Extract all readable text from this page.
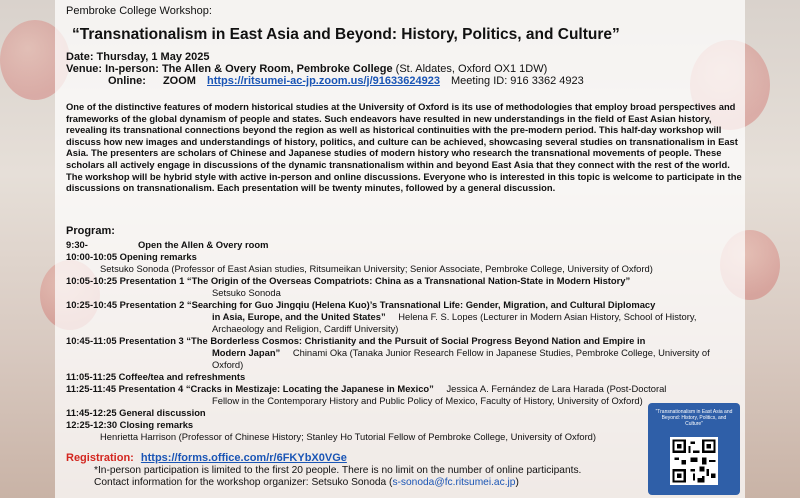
Pembroke College Workshop:
“Transnationalism in East Asia and Beyond: History, Politics, and Culture”
Date: Thursday, 1 May 2025
Venue: In-person: The Allen & Overy Room, Pembroke College (St. Aldates, Oxford OX1 1DW)
Online: ZOOM https://ritsumei-ac-jp.zoom.us/j/91633624923 Meeting ID: 916 3362 4923
One of the distinctive features of modern historical studies at the University of Oxford is its use of methodologies that employ broad perspectives and frameworks of the global dynamism of people and states. Such endeavors have resulted in new understandings in the field of East Asian history, revealing its transnational connections beyond the region as well as historical continuities with the pre-modern period. This half-day workshop will discuss how new images and understandings of history, politics, and culture can be achieved, showcasing several studies on transnationalism in East Asia. The presenters are scholars of Chinese and Japanese studies of modern history who research the transnational movements of people. These scholars all actively engage in discussions of the dynamic transnationalism within and beyond East Asia that they connect with the rest of the world. The workshop will be hybrid style with active in-person and online discussions. Everyone who is interested in this topic is welcome to participate in the discussions on transnationalism. Each presentation will be twenty minutes, followed by a general discussion.
Program:
9:30-	Open the Allen & Overy room
10:00-10:05 Opening remarks
Setsuko Sonoda (Professor of East Asian studies, Ritsumeikan University; Senior Associate, Pembroke College, University of Oxford)
10:05-10:25 Presentation 1 “The Origin of the Overseas Compatriots: China as a Transnational Nation-State in Modern History”
Setsuko Sonoda
10:25-10:45 Presentation 2 “Searching for Guo Jingqiu (Helena Kuo)’s Transnational Life: Gender, Migration, and Cultural Diplomacy
in Asia, Europe, and the United States” Helena F. S. Lopes (Lecturer in Modern Asian History, School of History,
Archaeology and Religion, Cardiff University)
10:45-11:05 Presentation 3 “The Borderless Cosmos: Christianity and the Pursuit of Social Progress Beyond Nation and Empire in
Modern Japan” Chinami Oka (Tanaka Junior Research Fellow in Japanese Studies, Pembroke College, University of
Oxford)
11:05-11:25 Coffee/tea and refreshments
11:25-11:45 Presentation 4 “Cracks in Mestizaje: Locating the Japanese in Mexico” Jessica A. Fernández de Lara Harada (Post-Doctoral
Fellow in the Contemporary History and Public Policy of Mexico, Faculty of History, University of Oxford)
11:45-12:25 General discussion
12:25-12:30 Closing remarks
Henrietta Harrison (Professor of Chinese History; Stanley Ho Tutorial Fellow of Pembroke College, University of Oxford)
Registration: https://forms.office.com/r/6FKYbX0VGe
*In-person participation is limited to the first 20 people. There is no limit on the number of online participants.
Contact information for the workshop organizer: Setsuko Sonoda (s-sonoda@fc.ritsumei.ac.jp)
“Transnationalism in East Asia and Beyond: History, Politics, and Culture”
